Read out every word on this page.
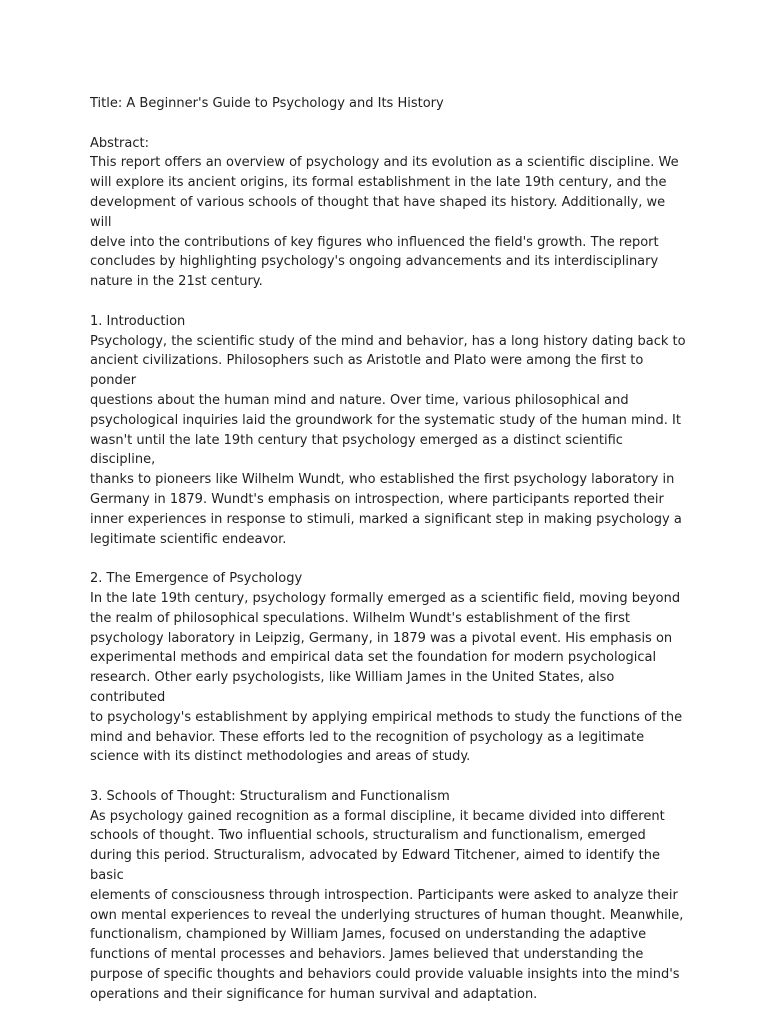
Title: A Beginner's Guide to Psychology and Its History

Abstract:

This report offers an overview of psychology and its evolution as a scientific discipline. We
will explore its ancient origins, its formal establishment in the late 19th century, and the
development of various schools of thought that have shaped its history. Additionally, we will
delve into the contributions of key figures who influenced the field's growth. The report
concludes by highlighting psychology's ongoing advancements and its interdisciplinary
nature in the 21st century.

1. Introduction

Psychology, the scientific study of the mind and behavior, has a long history dating back to
ancient civilizations. Philosophers such as Aristotle and Plato were among the first to ponder
questions about the human mind and nature. Over time, various philosophical and
psychological inquiries laid the groundwork for the systematic study of the human mind. It
wasn't until the late 19th century that psychology emerged as a distinct scientific discipline,
thanks to pioneers like Wilhelm Wundt, who established the first psychology laboratory in
Germany in 1879. Wundt's emphasis on introspection, where participants reported their
inner experiences in response to stimuli, marked a significant step in making psychology a
legitimate scientific endeavor.

2. The Emergence of Psychology

In the late 19th century, psychology formally emerged as a scientific field, moving beyond
the realm of philosophical speculations. Wilhelm Wundt's establishment of the first
psychology laboratory in Leipzig, Germany, in 1879 was a pivotal event. His emphasis on
experimental methods and empirical data set the foundation for modern psychological
research. Other early psychologists, like William James in the United States, also contributed
to psychology's establishment by applying empirical methods to study the functions of the
mind and behavior. These efforts led to the recognition of psychology as a legitimate
science with its distinct methodologies and areas of study.

3. Schools of Thought: Structuralism and Functionalism

As psychology gained recognition as a formal discipline, it became divided into different
schools of thought. Two influential schools, structuralism and functionalism, emerged
during this period. Structuralism, advocated by Edward Titchener, aimed to identify the basic
elements of consciousness through introspection. Participants were asked to analyze their
own mental experiences to reveal the underlying structures of human thought. Meanwhile,
functionalism, championed by William James, focused on understanding the adaptive
functions of mental processes and behaviors. James believed that understanding the
purpose of specific thoughts and behaviors could provide valuable insights into the mind's
operations and their significance for human survival and adaptation.
